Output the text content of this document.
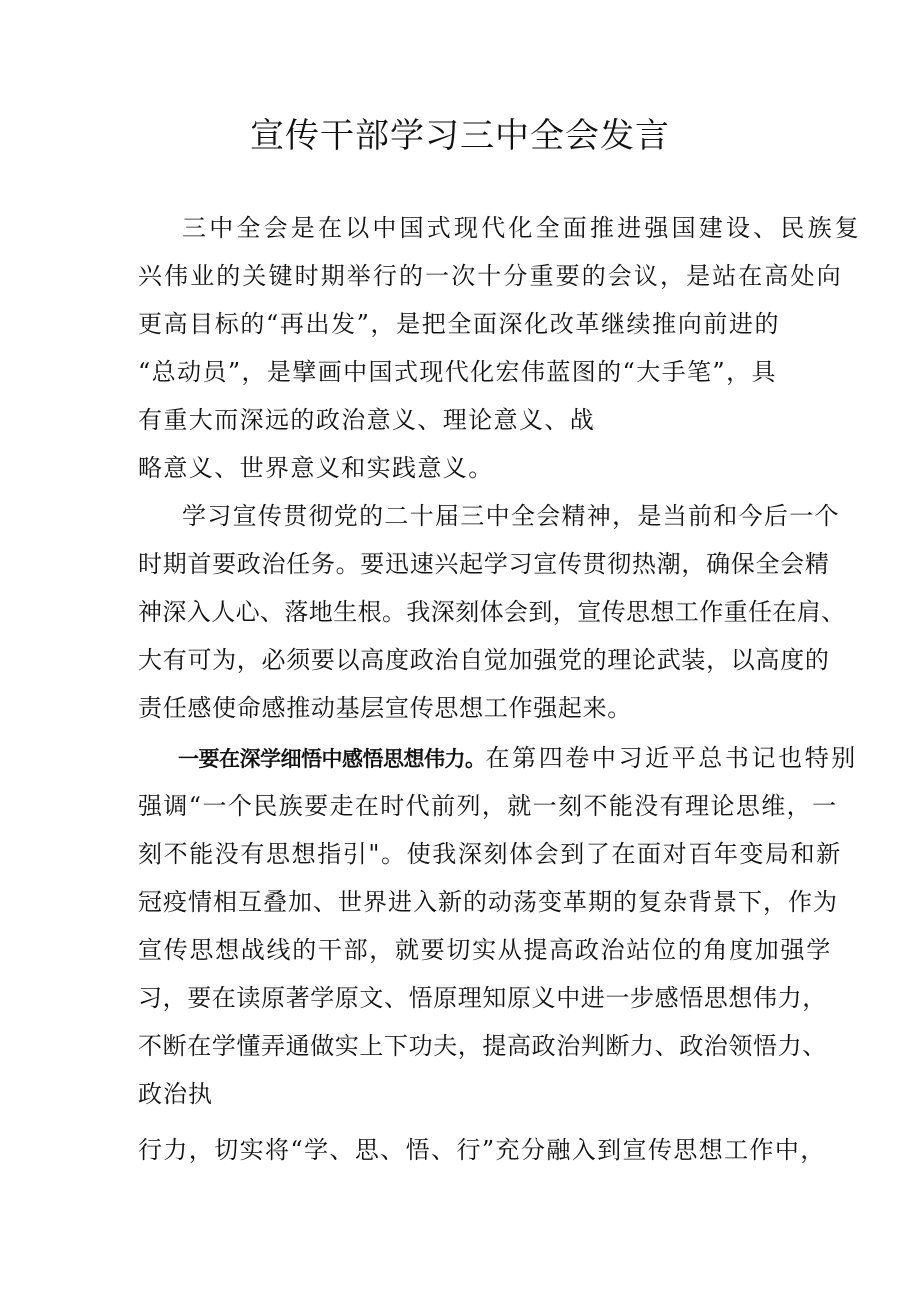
宣传干部学习三中全会发言
三中全会是在以中国式现代化全面推进强国建设、民族复
兴伟业的关键时期举行的一次十分重要的会议，是站在高处向
更高目标的“再出发”，是把全面深化改革继续推向前进的
“总动员”，是擘画中国式现代化宏伟蓝图的“大手笔”，具
有重大而深远的政治意义、理论意义、战
略意义、世界意义和实践意义。
学习宣传贯彻党的二十届三中全会精神，是当前和今后一个
时期首要政治任务。要迅速兴起学习宣传贯彻热潮，确保全会精
神深入人心、落地生根。我深刻体会到，宣传思想工作重任在肩、
大有可为，必须要以高度政治自觉加强党的理论武装，以高度的
责任感使命感推动基层宣传思想工作强起来。
一要在深学细悟中感悟思想伟力。在第四卷中习近平总书记也特别
强调“一个民族要走在时代前列，就一刻不能没有理论思维，一
刻不能没有思想指引"。使我深刻体会到了在面对百年变局和新
冠疫情相互叠加、世界进入新的动荡变革期的复杂背景下，作为
宣传思想战线的干部，就要切实从提高政治站位的角度加强学
习，要在读原著学原文、悟原理知原义中进一步感悟思想伟力，
不断在学懂弄通做实上下功夫，提高政治判断力、政治领悟力、
政治执
行力，切实将“学、思、悟、行”充分融入到宣传思想工作中，
